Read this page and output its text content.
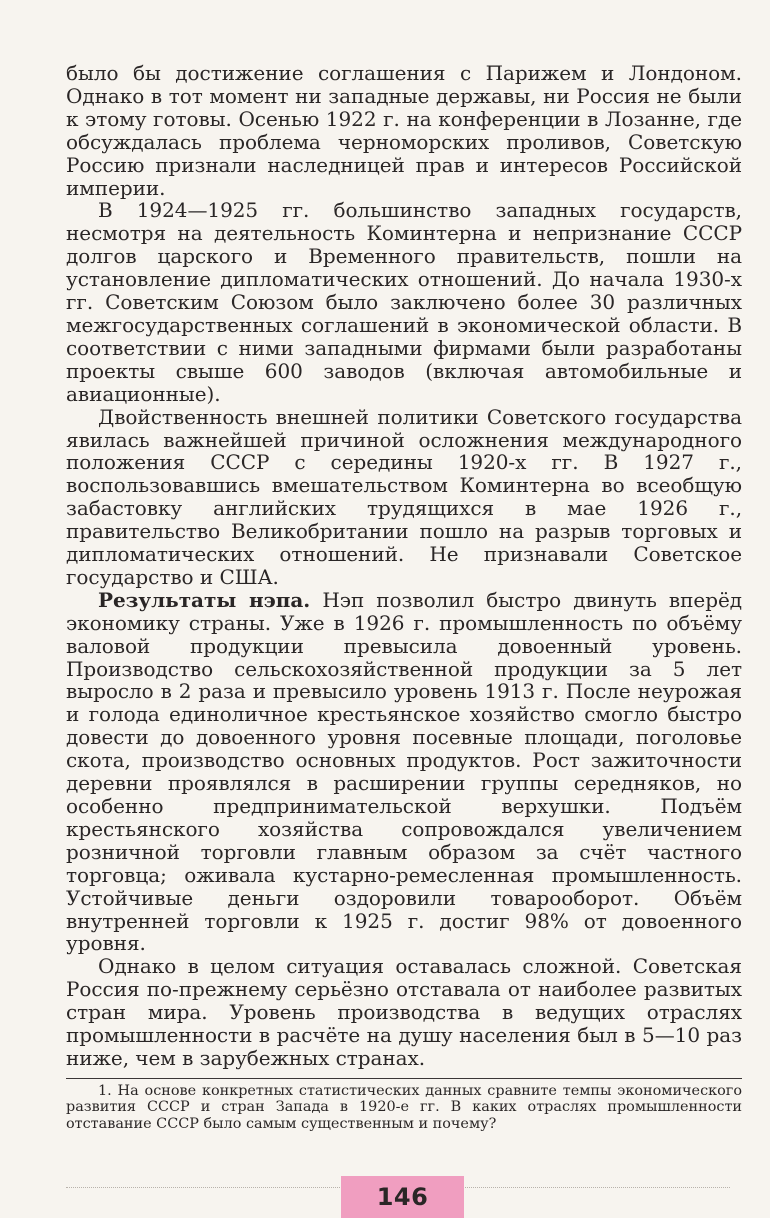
было бы достижение соглашения с Парижем и Лондоном. Однако в тот момент ни западные державы, ни Россия не были к этому готовы. Осенью 1922 г. на конференции в Лозанне, где обсуждалась проблема черноморских проливов, Советскую Россию признали наследницей прав и интересов Российской империи.

В 1924—1925 гг. большинство западных государств, несмотря на деятельность Коминтерна и непризнание СССР долгов царского и Временного правительств, пошли на установление дипломатических отношений. До начала 1930-х гг. Советским Союзом было заключено более 30 различных межгосударственных соглашений в экономической области. В соответствии с ними западными фирмами были разработаны проекты свыше 600 заводов (включая автомобильные и авиационные).

Двойственность внешней политики Советского государства явилась важнейшей причиной осложнения международного положения СССР с середины 1920-х гг. В 1927 г., воспользовавшись вмешательством Коминтерна во всеобщую забастовку английских трудящихся в мае 1926 г., правительство Великобритании пошло на разрыв торговых и дипломатических отношений. Не признавали Советское государство и США.

Результаты нэпа. Нэп позволил быстро двинуть вперёд экономику страны. Уже в 1926 г. промышленность по объёму валовой продукции превысила довоенный уровень. Производство сельскохозяйственной продукции за 5 лет выросло в 2 раза и превысило уровень 1913 г. После неурожая и голода единоличное крестьянское хозяйство смогло быстро довести до довоенного уровня посевные площади, поголовье скота, производство основных продуктов. Рост зажиточности деревни проявлялся в расширении группы середняков, но особенно предпринимательской верхушки. Подъём крестьянского хозяйства сопровождался увеличением розничной торговли главным образом за счёт частного торговца; оживала кустарно-ремесленная промышленность. Устойчивые деньги оздоровили товарооборот. Объём внутренней торговли к 1925 г. достиг 98% от довоенного уровня.

Однако в целом ситуация оставалась сложной. Советская Россия по-прежнему серьёзно отставала от наиболее развитых стран мира. Уровень производства в ведущих отраслях промышленности в расчёте на душу населения был в 5—10 раз ниже, чем в зарубежных странах.

1. На основе конкретных статистических данных сравните темпы экономического развития СССР и стран Запада в 1920-е гг. В каких отраслях промышленности отставание СССР было самым существенным и почему?

146
